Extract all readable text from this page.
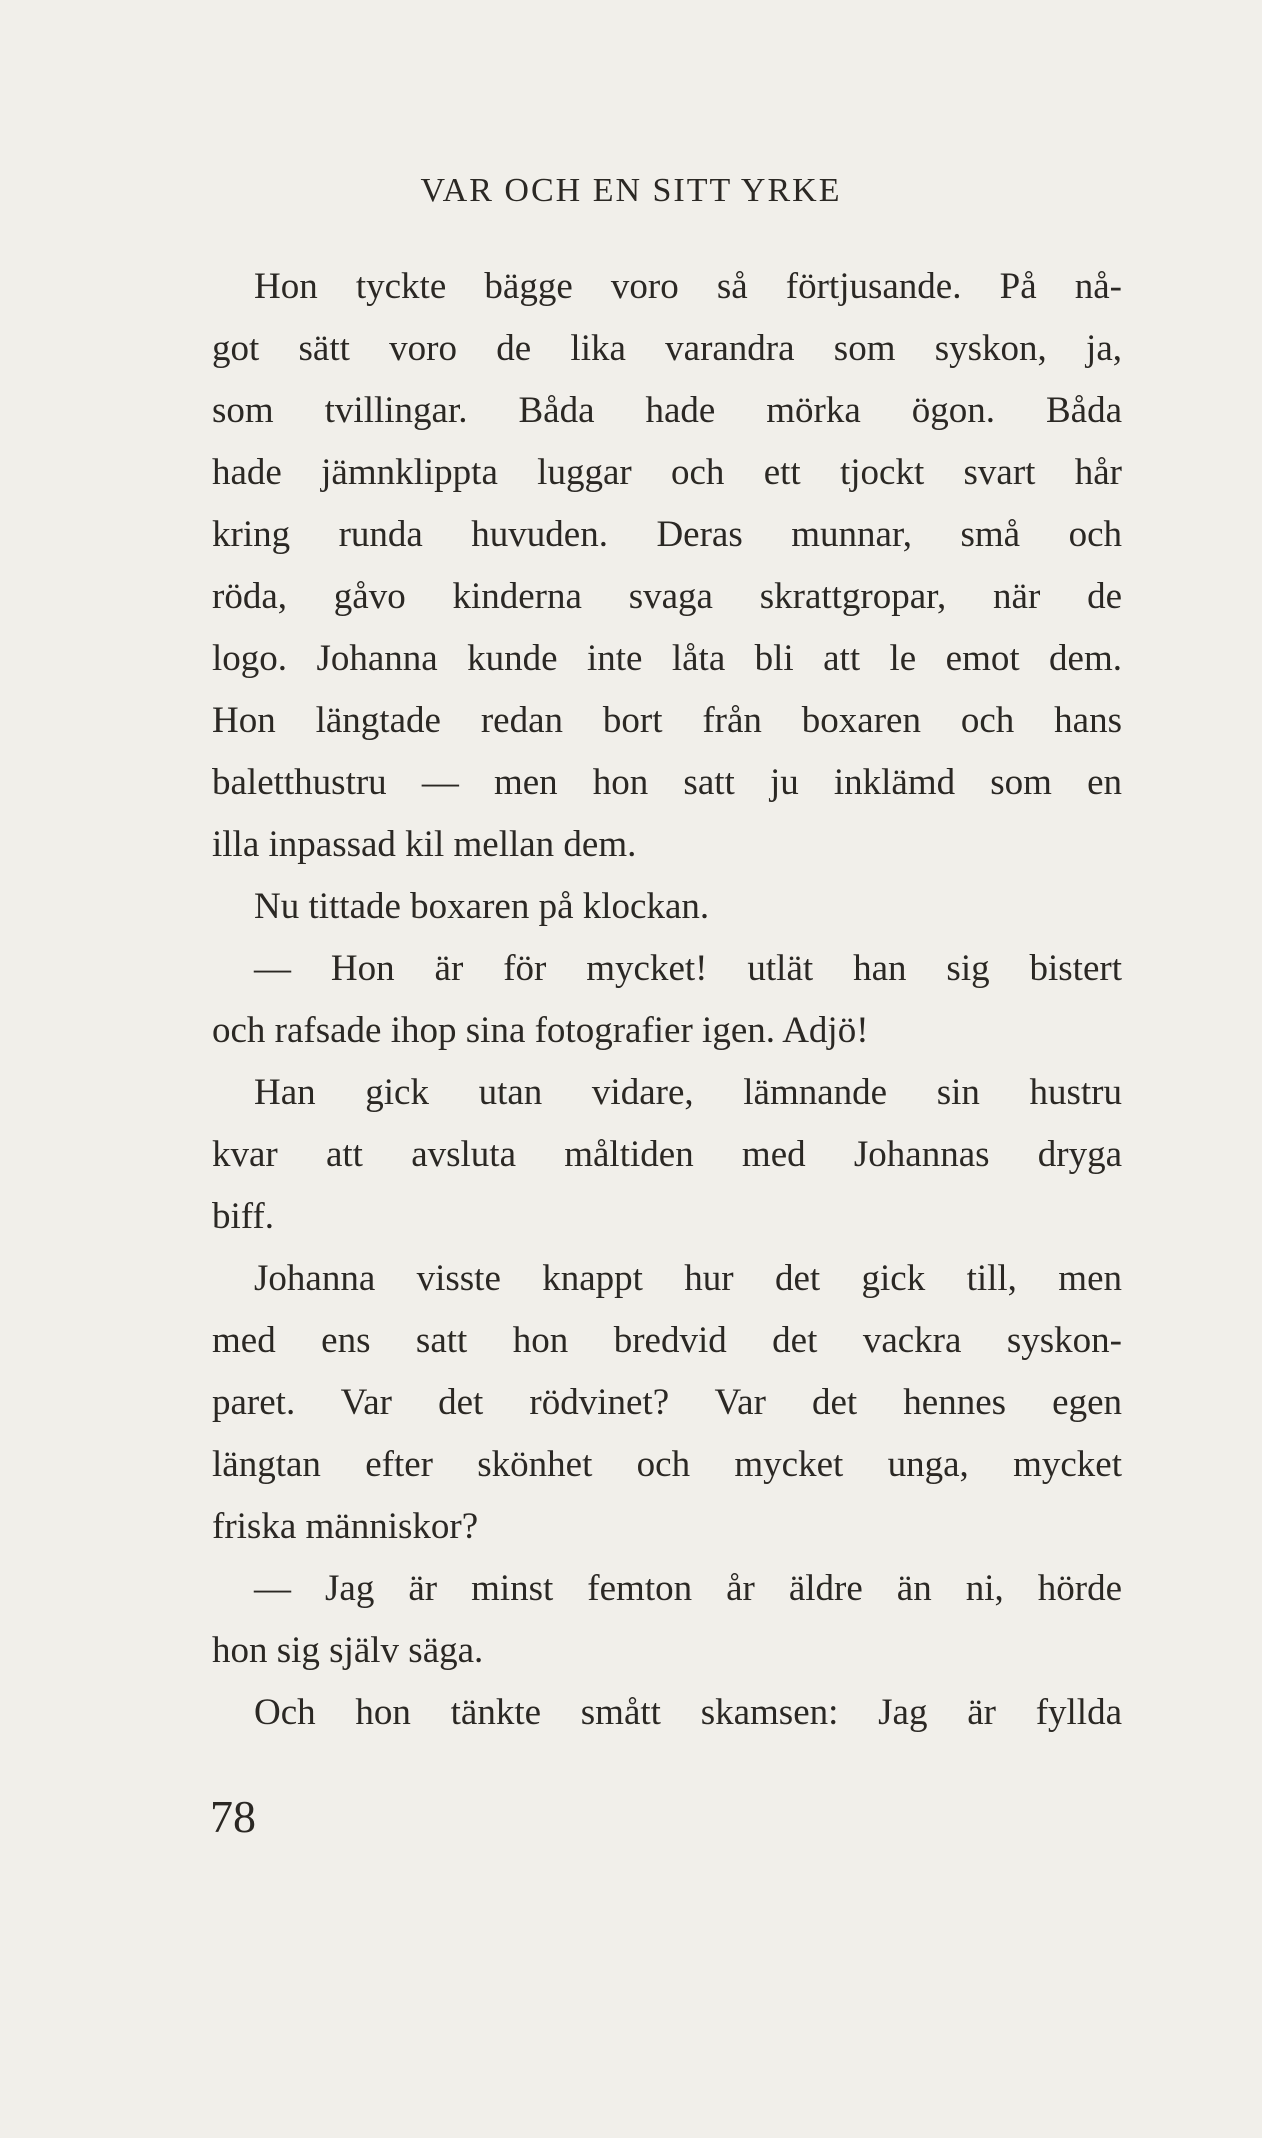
VAR OCH EN SITT YRKE
Hon tyckte bägge voro så förtjusande. På nå-
got sätt voro de lika varandra som syskon, ja,
som tvillingar. Båda hade mörka ögon. Båda
hade jämnklippta luggar och ett tjockt svart hår
kring runda huvuden. Deras munnar, små och
röda, gåvo kinderna svaga skrattgropar, när de
logo. Johanna kunde inte låta bli att le emot dem.
Hon längtade redan bort från boxaren och hans
baletthustru — men hon satt ju inklämd som en
illa inpassad kil mellan dem.
Nu tittade boxaren på klockan.
— Hon är för mycket! utlät han sig bistert
och rafsade ihop sina fotografier igen. Adjö!
Han gick utan vidare, lämnande sin hustru
kvar att avsluta måltiden med Johannas dryga
biff.
Johanna visste knappt hur det gick till, men
med ens satt hon bredvid det vackra syskon-
paret. Var det rödvinet? Var det hennes egen
längtan efter skönhet och mycket unga, mycket
friska människor?
— Jag är minst femton år äldre än ni, hörde
hon sig själv säga.
Och hon tänkte smått skamsen: Jag är fyllda
78
